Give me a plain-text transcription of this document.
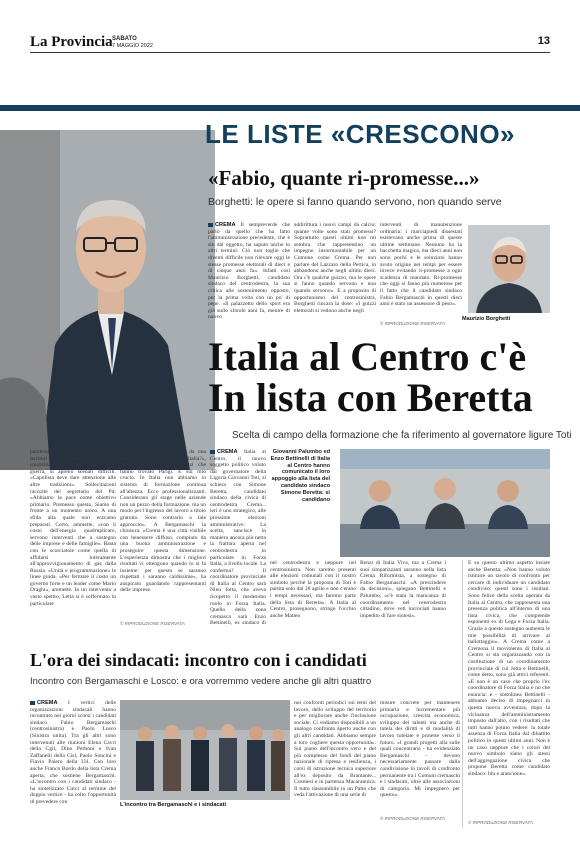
La Provincia SABATO
7 MAGGIO 2022	13
LE LISTE «CRESCONO»
«Fabio, quante ri-promesse...»
Borghetti: le opere si fanno quando servono, non quando serve
CREMA Il sempreverde che parlò da quello che ha fatto l'amministrazione precedente, che è sin dal oggetto, ha saputo anche in altri termini: Ciò non toglie che diventi difficile non rilevare oggi le stesse promesse elettorali di dieci e di cinque anni fa». Infatti così Maurizio Borghetti, candidato sindaco del centrodestra, la sua critica alle sostenimento opposto, per la prima volta con un po' di pepe. «Il palazzetto dello sport era già sullo sfondo anni fa, mentre di nuovo
addirittura i nuovi campi da calcio: quante volte sono stati promessi? Soprattutto questi ultimi non mi sembra che rappresentino un impegno insormontabile per un Comune come Crema. Per non parlare del Lazzaro della Pertica, in abbandono anche negli ultimi dieci. Ora c'è qualche guizzo, ma le opere si fanno quando servono e non quando servono». E a proposito di opportunismo del centrosinistra, Borghetti rincara la dose: «I guizzi elettorali si vedono anche negli
interventi di manutenzione ordinaria: i marciapiedi dissestati esistevano anche prima di queste ultime settimane. Nessuno ha la bacchetta magica, ma dieci anni non sono pochi e le soluzioni hanno avuto origine nei tempi per essere invece evitando ri-promesse a ogni scadenza di mandato. Ri-promesse che oggi si fanno più numerose per il fatto che il candidato sindaco Fabio Bergamaschi in questi dieci anni è stato un assessore di peso».
© RIPRODUZIONE RISERVATA
Maurizio Borghetti
Italia al Centro c'è
In lista con Beretta
Scelta di campo della formazione che fa riferimento al governatore ligure Toti
pandemia, come ben sanno que territori dove la manifattura è stata smobilitata». Ma anche chi ora, con la guerra, si apreno scenari difficili. «Capolista deve dare attenzione alle altre tradizioni». Sollecitazioni raccolte del segretario del Pd: «Abbiamo la pace come obiettivo primario. Premesso questo, Siamo di fronte a un momento unico. A una sfida alla quale non eravamo preparati. Certo, ammette, «con il costo dell'energia quadruplicato, servono interventi che a sostegno delle imprese e delle famiglie». Basta con le scorciatoie come quella di affidarsi interamente all'approvvigionamento di gas dalla Russia. «Unità e programmazione» le linee guida. «Per fermare il costo un governo forte e un leader come Mario Draghi», ammette. In un intervento a vasto spettro, Letta si è soffermato in particolare
lare sulla formazione: «Mi da una buona ragione per tornare in Italia?», mi chiedevano molti ragazzi che hanno trovato Parigi. E sul mio crucio. In Italia non abbiamo in sistema di formazione continua all'altezza. Ecco professionalizzanti. Considerano gli stage nelle aziende non un pezzo della formazione, ma un modo per l'ingresso del lavoro a titolo gratuito. Sono contrario a tale approccio». A Bergamaschi la chiusura: «Crema è una città visibile con benessere diffuso, compiuto da una buona amministrazione e proseguire questa dimensione. L'esperienza dimostra che i migliori risultati vi ottengono quando lo si fa insieme: per questo se saranno rispettati i saranno caldissime», ha auspicato guardando rappresentanti delle imprese.
© RIPRODUZIONE RISERVATA
CREMA Italia al Centro, il nuovo soggetto politico voluto dal governatore della Liguria Giovanni Toti, si schiera con Simone Beretta, candidato sindaco della civica di centrodestra Crema... ieri è uno strategico, alle prossime elezioni amministrative. La scelta, sancisce in maniera ancora più netta la frattura aperta nel centrodestra in particolare in Forza Italia, a livello locale. La conferma? Il coordinatore provinciale di Italia al Centro sarà Nino Jotta, che aveva ricoperto il medesimo ruolo in Forza Italia. Quello della zona cremasca sarà Enzo Bettinelli, ex sindaco di
Giovanni Palumbo ed Enzo Bettinelli di Italia al Centro hanno comunicato il loro appoggio alla lista del candidato sindaco Simone Beretta: si candidano
nel centrodestra e neppure nel centrosinistra. Non saremo presenti alle elezioni comunali con il nostro simbolo perché la proposta di Toti è partita solo dal 28 aprile e non c'erano i tempi necessari, ma faremo parte della lista di Beretta». A Italia al Centro, proseguono, stringe l'occhio anche Matteo
Renzi di Italia Viva, ma a Crema i suoi simpatizzanti saranno nella lista Crema Riformista, a sostegno di Fabio Bergamaschi. «A prescindere da decisioni», spiegano Bettinelli e Palumbo, «c'è stata la mancanza di coordinamento nel centrodestra cittadino, dove veti incrociati hanno impedito di fare sintesi».
E su questo ultimo aspetto insiste anche Beretta: «Non hanno voluto istituire un tavolo di confronto per cercare di individuare un candidato condiviso: questi sono i risultati. Sono felice della scelta operata da Italia al Centro, che rappresenta una presenza politica all'interno di una lista civica, che comprende esponenti ex di Lega e Forza Italia. Grazie a questo sostegno aumenta le mie possibilità di arrivare al ballottaggio». A Crema come a Cremona il movimento di Italia al Centro si sta organizzando con la costituzione di un coordinamento provinciale di cui Jotta e Bettinelli, come detto, sono già attivi referenti. «E non è un caso che proprio l'ex coordinatore di Forza Italia e no che enuncia: è - sottolinea Bettinelli - abbiamo deciso di impegnarci in questa nuova avventura, dopo la vicinanza dell'amministramento imposto dall'alto, con i risultati che tutti hanno potuto vedere: la totale assenza di Forza Italia dal dibattito politico in questi ultimi anni. Non è un caso neppure che i colori del nuovo simbolo siano gli stessi dell'aggregazione civica che propone Beretta come candidato sindaco: blu e arancione».
© RIPRODUZIONE RISERVATA
L'ora dei sindacati: incontro con i candidati
Incontro con Bergamaschi e Losco: e ora vorremmo vedere anche gli altri quattro
CREMA I vertici delle organizzazioni sindacali hanno incontrato nei giorni scorsi i candidati sindaco Fabio Bergamaschi (centrosinistra) e Paolo Losco (Sinistra unita). Tra gli altri sono intervenuti alle riunioni Elena Cavri della Cgil, Dino Perboni e Ivan Zaffanelli della Cisl, Paolo Soncini e Flavio Paiero della Uil. Con loro anche Franco Bordo della lista Crema aperta, che sostiene Bergamaschi. «L'incontro con i candidati sindaco - ha sintetizzato Curci al termine del doppio vertice - ha colto l'opportunità di prevedere con
L'incontro tra Bergamaschi e i sindacati
noi confronti periodici sui temi del lavoro, dello sviluppo del territorio e per migliorare anche l'inclusione sociale. Ci vediamo disponibili a un analogo confronto aperto anche con gli altri candidati. Abbiamo sempre a loro cogliere questa opportunità». Sul piano dell'incontro vero e del più complesso del fondi del piano nazionale di ripresa e resilienza, i corsi di istruzione tecnica superiore all'ex deposito da Bramante... Cosmesi e in partenza Macarannica. Il tutto riassumibile in un Patto che veda l'attivazione di una serie di
misure concrete per mantenere primaria e incrementare più occupazione, crescita economica, sviluppo dei talenti ma anche di tutela dei diritti e di modalità di lavoro tutelate e protette verso il futuro. «I grandi progetti alla sulle quali concentrarsi - ha evidenziato Bergamaschi - devono necessariamente passare dalla condivisione in tavoli di confronto permanente tra i Comuni cremaschi e i sindacati, oltre alle associazioni di categoria. Mi impegnerò per questo».
© RIPRODUZIONE RISERVATA
